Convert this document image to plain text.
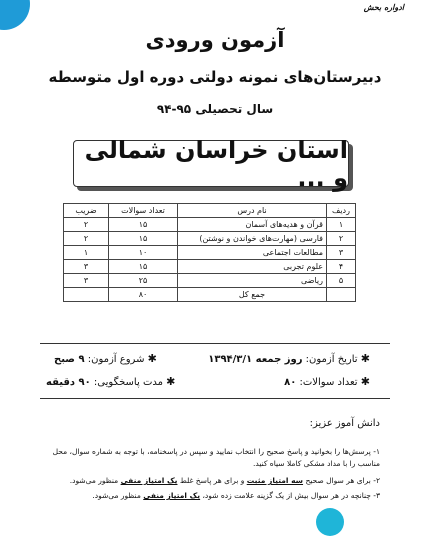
ادواره بحش
آزمون ورودی
دبیرستان‌های نمونه دولتی دوره اول متوسطه
سال تحصیلی ۹۵-۹۴
استان خراسان شمالی و ...
ردیف	نام درس	تعداد سوالات	ضریب
۱	قرآن و هدیه‌های آسمان	۱۵	۲
۲	فارسی (مهارت‌های خواندن و نوشتن)	۱۵	۲
۳	مطالعات اجتماعی	۱۰	۱
۴	علوم تجربی	۱۵	۳
۵	ریاضی	۲۵	۳
	جمع کل	۸۰	
✱ تاریخ آزمون: روز جمعه ۱۳۹۴/۳/۱
✱ شروع آزمون: ۹ صبح
✱ تعداد سوالات: ۸۰
✱ مدت پاسخگویی: ۹۰ دقیقه
دانش آموز عزیز:
۱- پرسش‌ها را بخوانید و پاسخ صحیح را انتخاب نمایید و سپس در پاسخنامه، با توجه به شماره سوال، محل مناسب را با مداد مشکی کاملا سیاه کنید.
۲- برای هر سوال صحیح سه امتیاز مثبت و برای هر پاسخ غلط یک امتیاز منفی منظور می‌شود.
۳- چنانچه در هر سوال بیش از یک گزینه علامت زده شود، یک امتیاز منفی منظور می‌شود.
